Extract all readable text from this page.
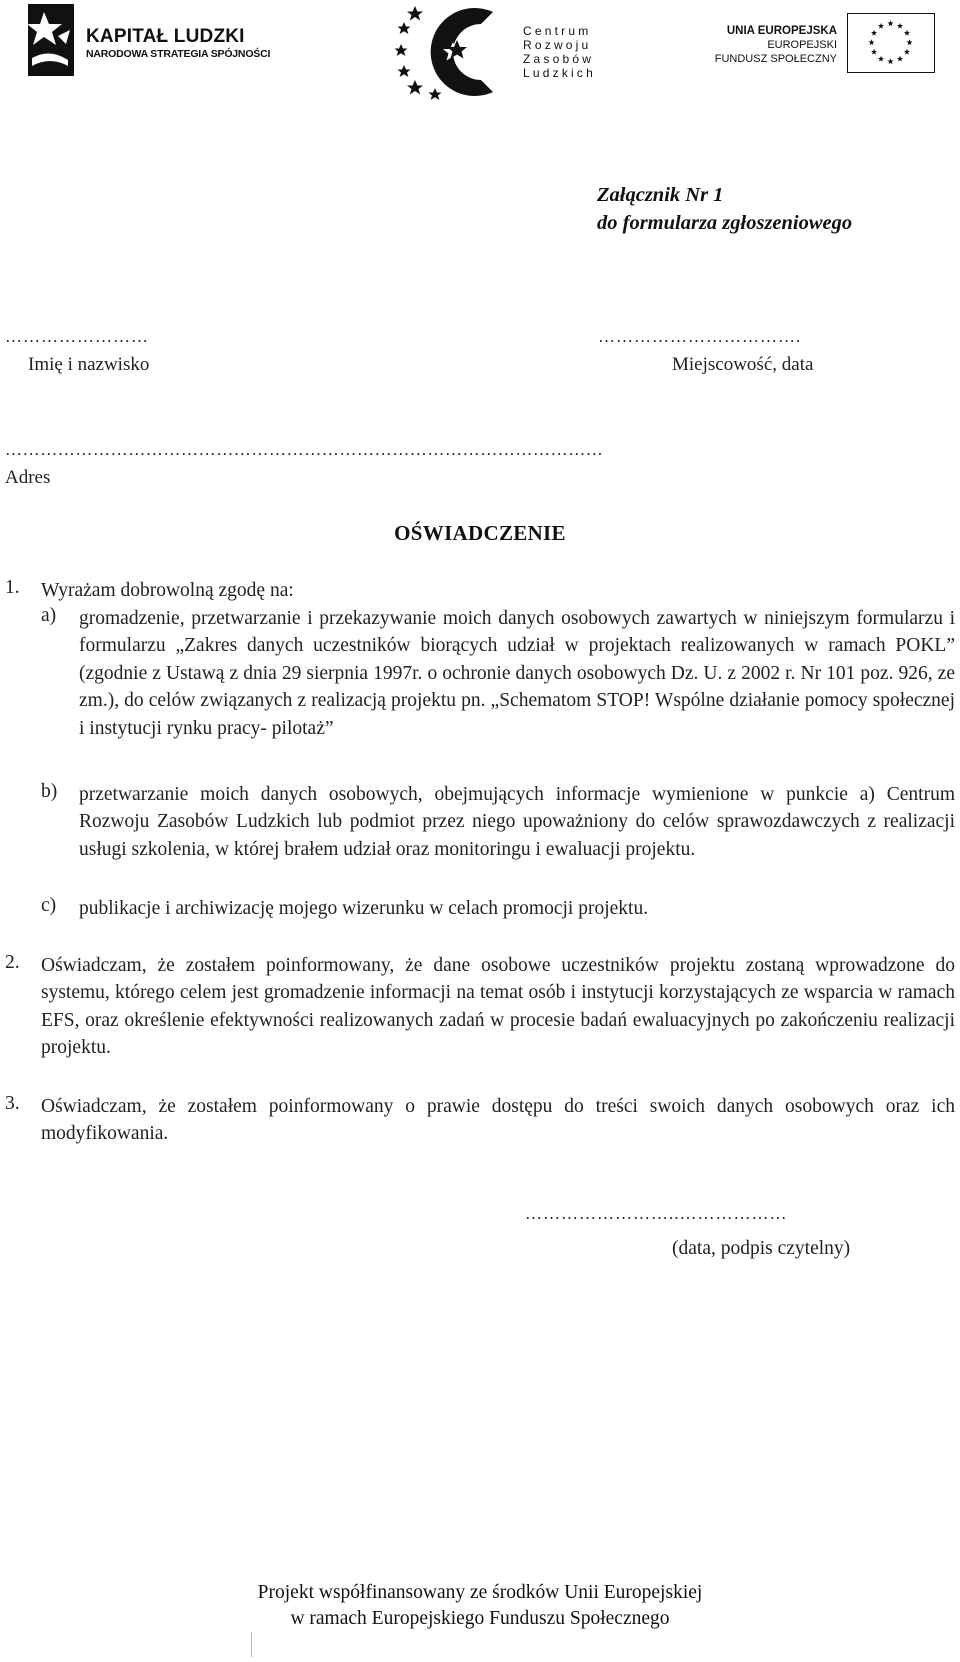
KAPITAŁ LUDZKI
NARODOWA STRATEGIA SPÓJNOŚCI
Centrum
Rozwoju
Zasobów
Ludzkich
UNIA EUROPEJSKA
EUROPEJSKI
FUNDUSZ SPOŁECZNY
Załącznik Nr 1
do formularza zgłoszeniowego
……………………
Imię i nazwisko
…………………………….
Miejscowość, data
…………………………………………………………………………………………
Adres
OŚWIADCZENIE
1. Wyrażam dobrowolną zgodę na:
a) gromadzenie, przetwarzanie i przekazywanie moich danych osobowych zawartych w niniejszym formularzu i formularzu „Zakres danych uczestników biorących udział w projektach realizowanych w ramach POKL” (zgodnie z Ustawą z dnia 29 sierpnia 1997r. o ochronie danych osobowych Dz. U. z 2002 r. Nr 101 poz. 926, ze zm.), do celów związanych z realizacją projektu pn. „Schematom STOP! Wspólne działanie pomocy społecznej i instytucji rynku pracy- pilotaż”
b) przetwarzanie moich danych osobowych, obejmujących informacje wymienione w punkcie a) Centrum Rozwoju Zasobów Ludzkich lub podmiot przez niego upoważniony do celów sprawozdawczych z realizacji usługi szkolenia, w której brałem udział oraz monitoringu i ewaluacji projektu.
c) publikacje i archiwizację mojego wizerunku w celach promocji projektu.
2. Oświadczam, że zostałem poinformowany, że dane osobowe uczestników projektu zostaną wprowadzone do systemu, którego celem jest gromadzenie informacji na temat osób i instytucji korzystających ze wsparcia w ramach EFS, oraz określenie efektywności realizowanych zadań w procesie badań ewaluacyjnych po zakończeniu realizacji projektu.
3. Oświadczam, że zostałem poinformowany o prawie dostępu do treści swoich danych osobowych oraz ich modyfikowania.
……………………..………………
(data, podpis czytelny)
Projekt współfinansowany ze środków Unii Europejskiej
w ramach Europejskiego Funduszu Społecznego
